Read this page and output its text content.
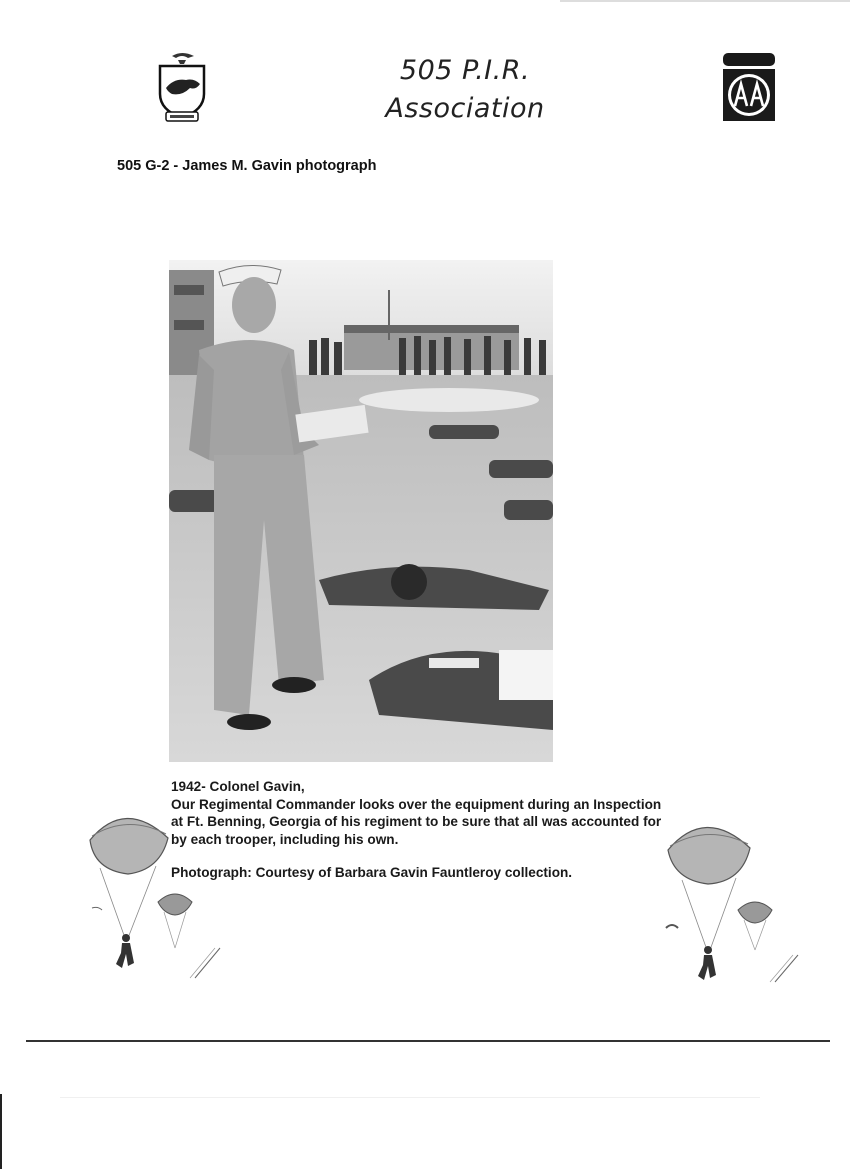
505 P.I.R.
Association
505 G-2 - James M. Gavin photograph

1942- Colonel Gavin,

Our Regimental Commander looks over the equipment during an Inspection at Ft. Benning, Georgia of his regiment to be sure that all was accounted for by each trooper, including his own.

Photograph: Courtesy of Barbara Gavin Fauntleroy collection.
